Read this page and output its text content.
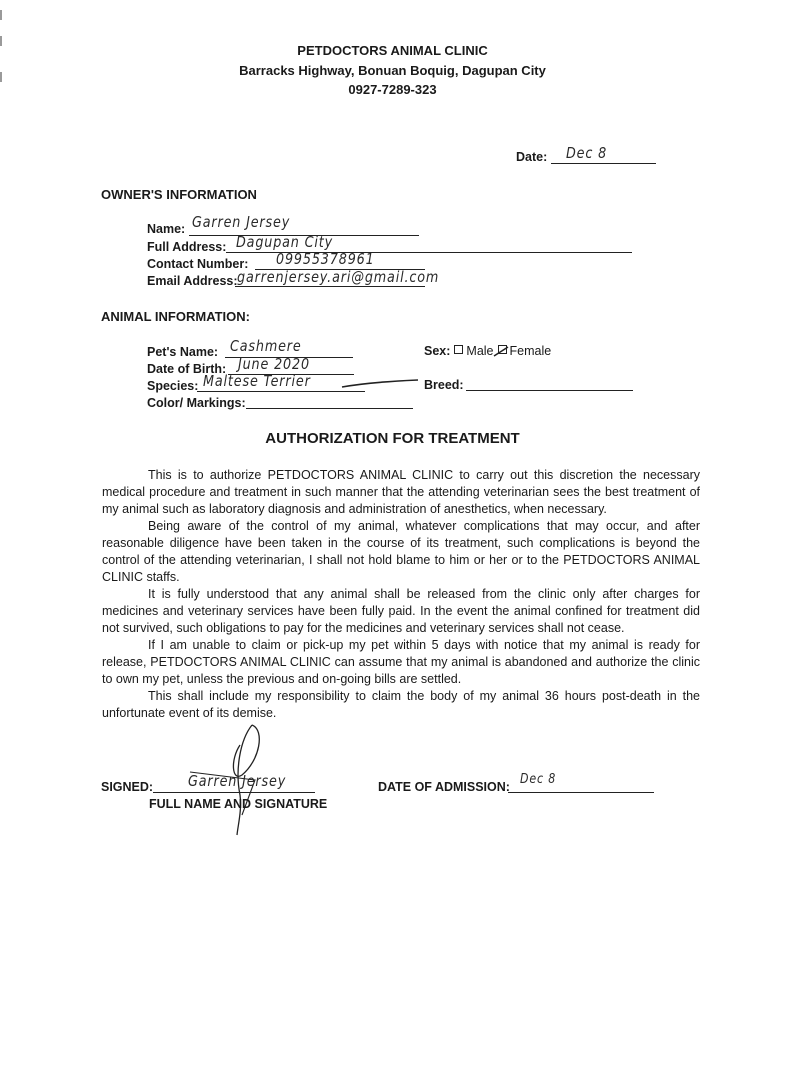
PETDOCTORS ANIMAL CLINIC
Barracks Highway, Bonuan Boquig, Dagupan City
0927-7289-323
Date: Dec 8
OWNER'S INFORMATION
Name: Garren Jersey
Full Address: Dagupan City
Contact Number: 09955378961
Email Address: garrenjersey.ari@gmail.com
ANIMAL INFORMATION:
Pet's Name: Cashmere
Date of Birth: June 2020
Species: Maltese Terrier
Color/ Markings:
Sex: Male Female
Breed:
AUTHORIZATION FOR TREATMENT

This is to authorize PETDOCTORS ANIMAL CLINIC to carry out this discretion the necessary medical procedure and treatment in such manner that the attending veterinarian sees the best treatment of my animal such as laboratory diagnosis and administration of anesthetics, when necessary.

Being aware of the control of my animal, whatever complications that may occur, and after reasonable diligence have been taken in the course of its treatment, such complications is beyond the control of the attending veterinarian, I shall not hold blame to him or her or to the PETDOCTORS ANIMAL CLINIC staffs.

It is fully understood that any animal shall be released from the clinic only after charges for medicines and veterinary services have been fully paid. In the event the animal confined for treatment did not survived, such obligations to pay for the medicines and veterinary services shall not cease.

If I am unable to claim or pick-up my pet within 5 days with notice that my animal is ready for release, PETDOCTORS ANIMAL CLINIC can assume that my animal is abandoned and authorize the clinic to own my pet, unless the previous and on-going bills are settled.

This shall include my responsibility to claim the body of my animal 36 hours post-death in the unfortunate event of its demise.

SIGNED: Garren Jersey
FULL NAME AND SIGNATURE
DATE OF ADMISSION: Dec 8
